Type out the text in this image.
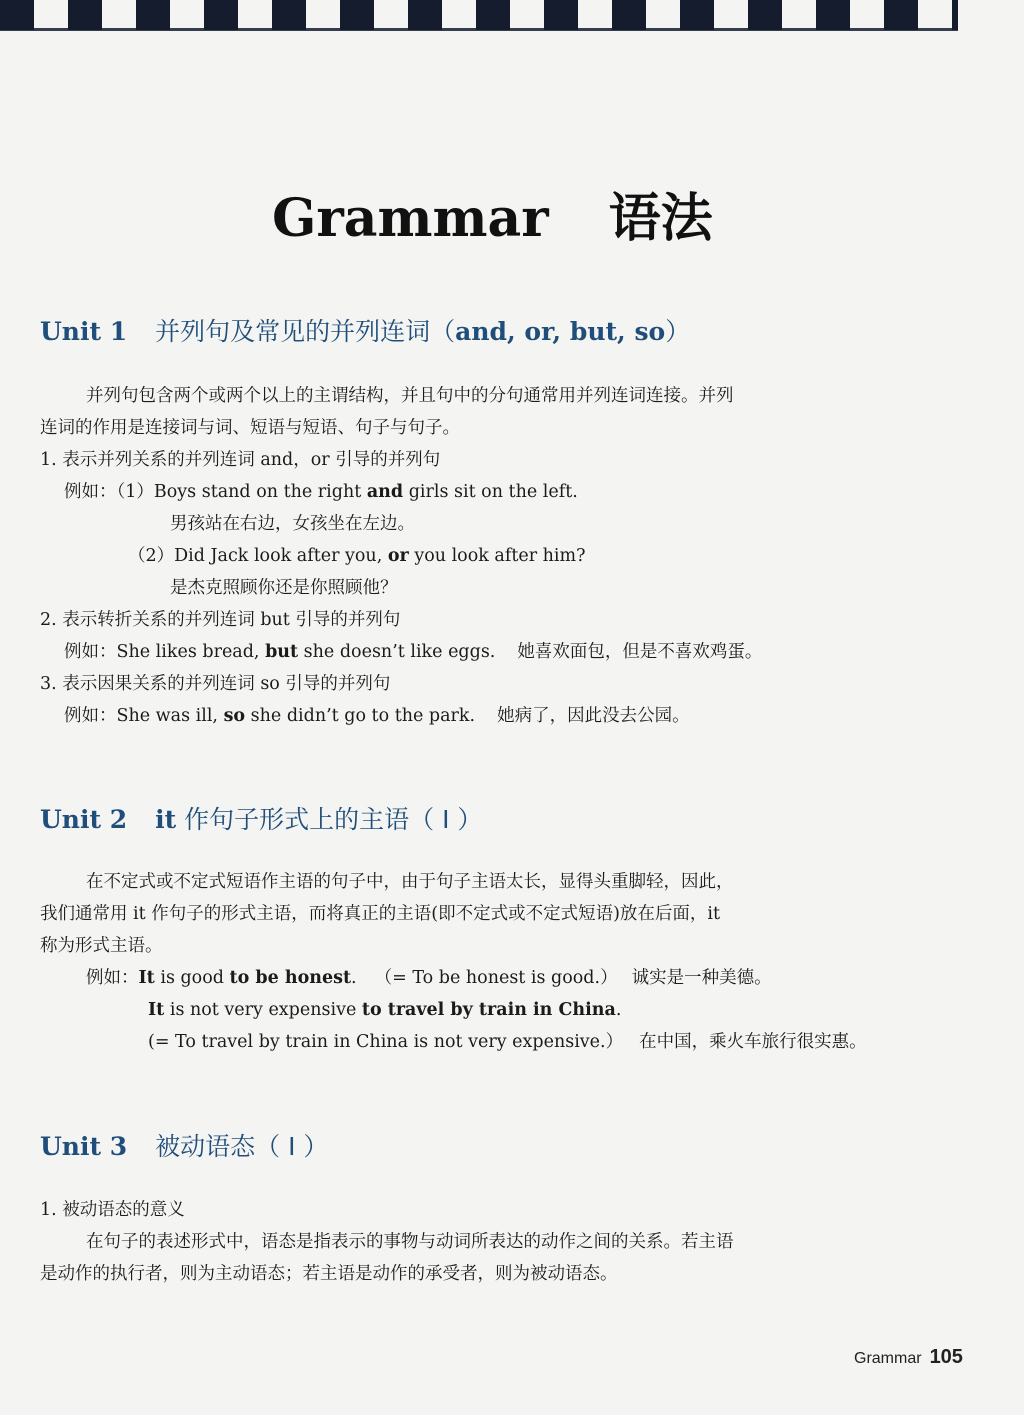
Grammar 语法
Unit 1 并列句及常见的并列连词（and, or, but, so）
并列句包含两个或两个以上的主谓结构，并且句中的分句通常用并列连词连接。并列
连词的作用是连接词与词、短语与短语、句子与句子。
1. 表示并列关系的并列连词 and，or 引导的并列句
例如：（1）Boys stand on the right and girls sit on the left.
男孩站在右边，女孩坐在左边。
（2）Did Jack look after you, or you look after him?
是杰克照顾你还是你照顾他？
2. 表示转折关系的并列连词 but 引导的并列句
例如：She likes bread, but she doesn’t like eggs. 她喜欢面包，但是不喜欢鸡蛋。
3. 表示因果关系的并列连词 so 引导的并列句
例如：She was ill, so she didn’t go to the park. 她病了，因此没去公园。
Unit 2 it 作句子形式上的主语（ Ⅰ ）
在不定式或不定式短语作主语的句子中，由于句子主语太长，显得头重脚轻，因此，
我们通常用 it 作句子的形式主语，而将真正的主语(即不定式或不定式短语)放在后面，it
称为形式主语。
例如：It is good to be honest. （= To be honest is good.） 诚实是一种美德。
It is not very expensive to travel by train in China.
(= To travel by train in China is not very expensive.） 在中国，乘火车旅行很实惠。
Unit 3 被动语态（ Ⅰ ）
1. 被动语态的意义
在句子的表述形式中，语态是指表示的事物与动词所表达的动作之间的关系。若主语
是动作的执行者，则为主动语态；若主语是动作的承受者，则为被动语态。
Grammar 105
